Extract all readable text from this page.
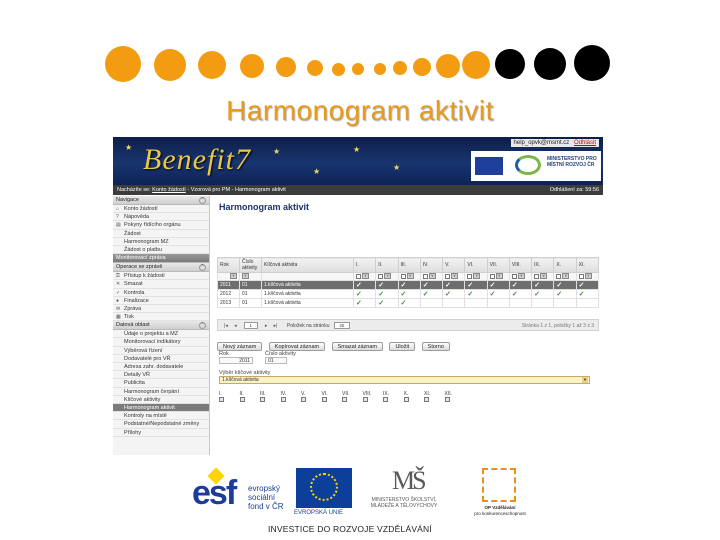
Harmonogram aktivit
★	★
★
★
★
Benefit7	help_opvk@msmt.cz Odhlásit
MINISTERSTVO PRO MÍSTNÍ ROZVOJ ČR
Nacházíte se: Konto žádostí - Vzorová pro PM - Harmonogram aktivit	Odhlášení za: 59:56
Navigace	⌃
⌂ Konto žádostí
? Nápověda
▤ Pokyny řídícího orgánu
Žádost
Harmonogram MZ
Žádost o platbu
Monitorovací zpráva
Operace se zprávě	⌃
⚿ Přístup k žádosti
✕ Smazat
✓ Kontrola
● Finalizace
✉ Zpráva
▦ Tisk
Datová oblast	⌃
Údaje o projektu a MZ
Monitorovací indikátory
Výběrová řízení
Dodavatelé pro VŘ
Adresa zahr. dodavatele
Detaily VŘ
Publicita
Harmonogram čerpání
Klíčové aktivity
Harmonogram aktivit
Kontroly na místě
Podstatné/Nepodstatné změny
Přílohy
Harmonogram aktivit
Rok	Číslo aktivity	Klíčová aktivita	I.	II.	III.	IV.	V.	VI.	VII.	VIII.	IX.	X.	XI.
Y	Y		Y	Y	Y	Y	Y	Y	Y	Y	Y	Y	Y
2011	01	1.klíčová aktivita	✓	✓	✓	✓	✓	✓	✓	✓	✓	✓	✓
2012	01	1.klíčová aktivita	✓	✓	✓	✓	✓	✓	✓	✓	✓	✓	✓
2013	01	1.klíčová aktivita	✓	✓	✓								
|◂ ◂	1	▸ ▸| Položek na stránku 25	Stránka 1 z 1, položky 1 až 3 z 3
Nový záznam	Kopírovat záznam	Smazat záznam	Uložit	Storno
Rok
2011
Číslo aktivity
01
Výběr klíčové aktivity
1.klíčová aktivita	▼
I.	II.	III.	IV.	V.	VI.	VII.	VIII.	IX.	X.	XI.	XII.
esf evropský
sociální
fond v ČR
EVROPSKÁ UNIE
MŠ

MINISTERSTVO ŠKOLSTVÍ,
MLÁDEŽE A TĚLOVÝCHOVY	OP Vzdělávání
pro konkurenceschopnost
INVESTICE DO ROZVOJE VZDĚLÁVÁNÍ
